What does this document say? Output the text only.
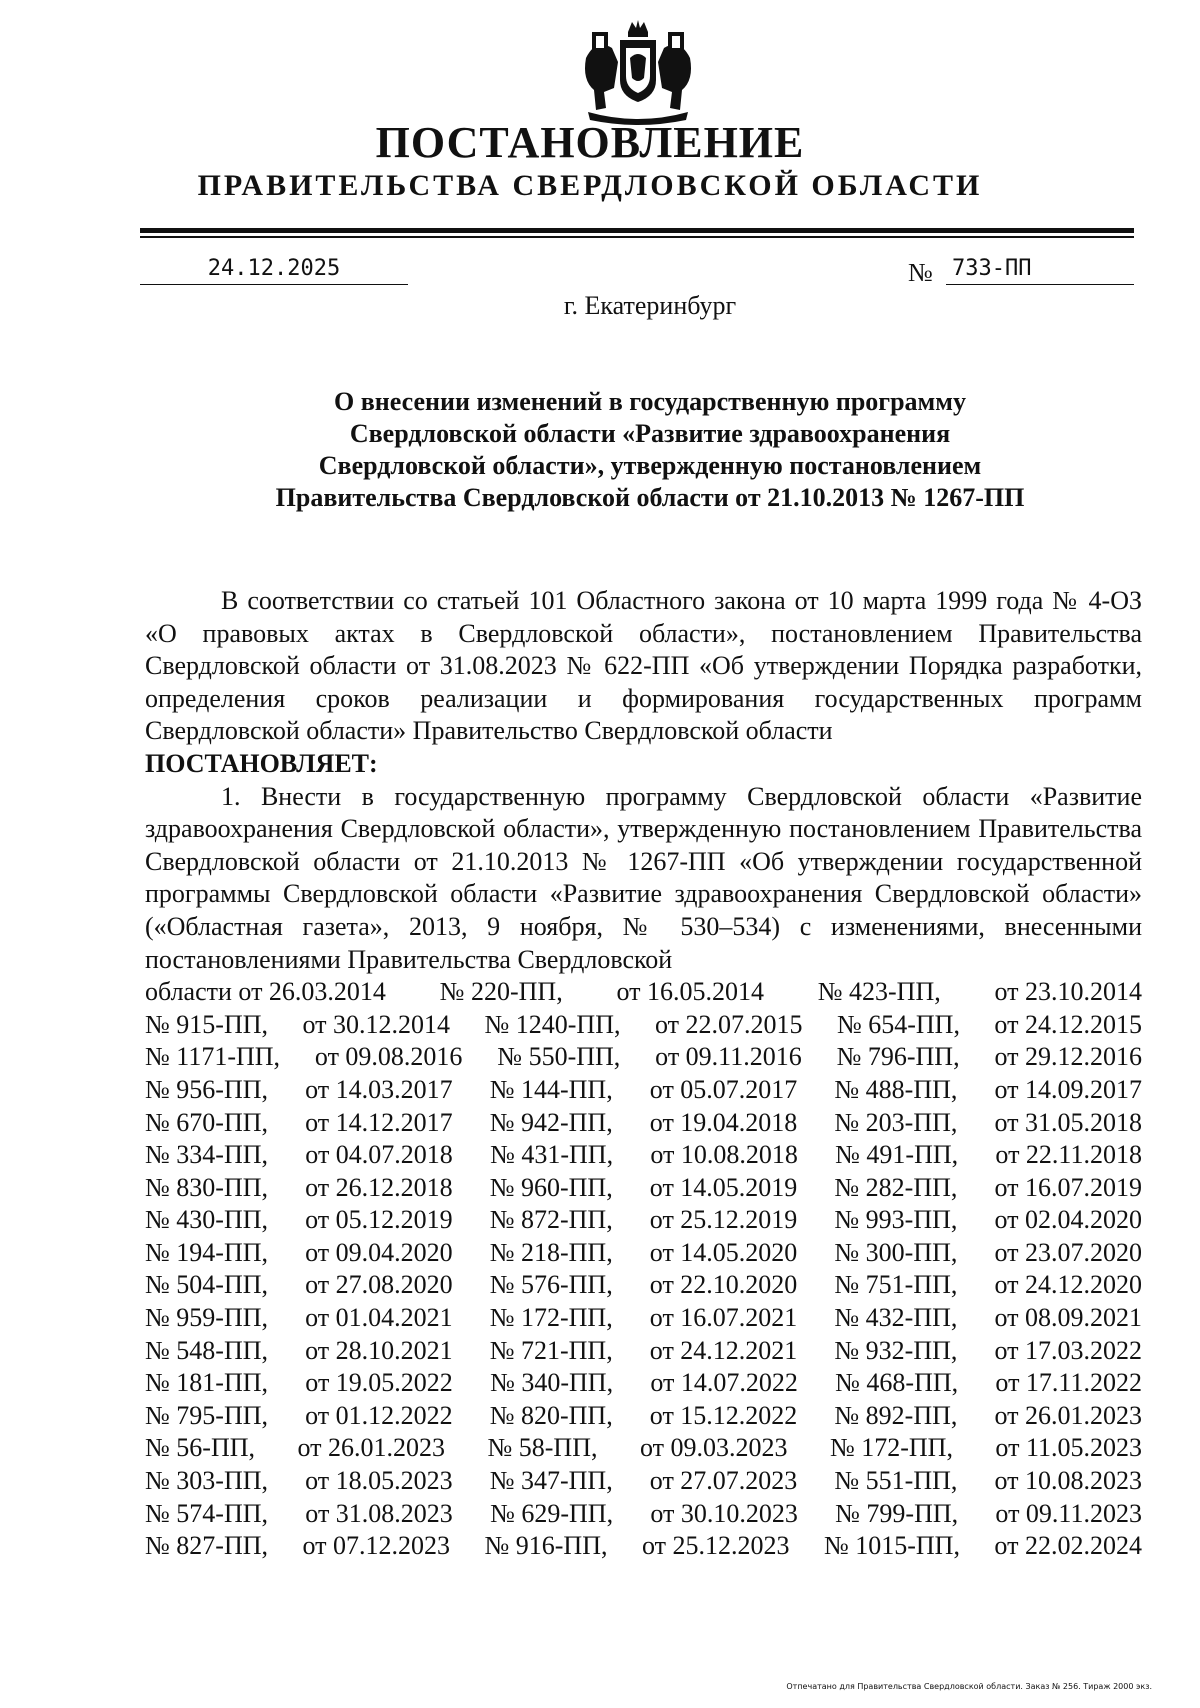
ПОСТАНОВЛЕНИЕ
ПРАВИТЕЛЬСТВА СВЕРДЛОВСКОЙ ОБЛАСТИ
24.12.2025	№ 733-ПП
г. Екатеринбург
О внесении изменений в государственную программу
Свердловской области «Развитие здравоохранения
Свердловской области», утвержденную постановлением
Правительства Свердловской области от 21.10.2013 № 1267-ПП

В соответствии со статьей 101 Областного закона от 10 марта 1999 года № 4-ОЗ «О правовых актах в Свердловской области», постановлением Правительства Свердловской области от 31.08.2023 № 622-ПП «Об утверждении Порядка разработки, определения сроков реализации и формирования государственных программ Свердловской области» Правительство Свердловской области

ПОСТАНОВЛЯЕТ:

1. Внести в государственную программу Свердловской области «Развитие здравоохранения Свердловской области», утвержденную постановлением Правительства Свердловской области от 21.10.2013 № 1267-ПП «Об утверждении государственной программы Свердловской области «Развитие здравоохранения Свердловской области» («Областная газета», 2013, 9 ноября, № 530–534) с изменениями, внесенными постановлениями Правительства Свердловской

области от 26.03.2014 № 220-ПП, от 16.05.2014 № 423-ПП, от 23.10.2014
№ 915-ПП, от 30.12.2014 № 1240-ПП, от 22.07.2015 № 654-ПП, от 24.12.2015
№ 1171-ПП, от 09.08.2016 № 550-ПП, от 09.11.2016 № 796-ПП, от 29.12.2016
№ 956-ПП, от 14.03.2017 № 144-ПП, от 05.07.2017 № 488-ПП, от 14.09.2017
№ 670-ПП, от 14.12.2017 № 942-ПП, от 19.04.2018 № 203-ПП, от 31.05.2018
№ 334-ПП, от 04.07.2018 № 431-ПП, от 10.08.2018 № 491-ПП, от 22.11.2018
№ 830-ПП, от 26.12.2018 № 960-ПП, от 14.05.2019 № 282-ПП, от 16.07.2019
№ 430-ПП, от 05.12.2019 № 872-ПП, от 25.12.2019 № 993-ПП, от 02.04.2020
№ 194-ПП, от 09.04.2020 № 218-ПП, от 14.05.2020 № 300-ПП, от 23.07.2020
№ 504-ПП, от 27.08.2020 № 576-ПП, от 22.10.2020 № 751-ПП, от 24.12.2020
№ 959-ПП, от 01.04.2021 № 172-ПП, от 16.07.2021 № 432-ПП, от 08.09.2021
№ 548-ПП, от 28.10.2021 № 721-ПП, от 24.12.2021 № 932-ПП, от 17.03.2022
№ 181-ПП, от 19.05.2022 № 340-ПП, от 14.07.2022 № 468-ПП, от 17.11.2022
№ 795-ПП, от 01.12.2022 № 820-ПП, от 15.12.2022 № 892-ПП, от 26.01.2023
№ 56-ПП, от 26.01.2023 № 58-ПП, от 09.03.2023 № 172-ПП, от 11.05.2023
№ 303-ПП, от 18.05.2023 № 347-ПП, от 27.07.2023 № 551-ПП, от 10.08.2023
№ 574-ПП, от 31.08.2023 № 629-ПП, от 30.10.2023 № 799-ПП, от 09.11.2023
№ 827-ПП, от 07.12.2023 № 916-ПП, от 25.12.2023 № 1015-ПП, от 22.02.2024
Отпечатано для Правительства Свердловской области. Заказ № 256. Тираж 2000 экз.
